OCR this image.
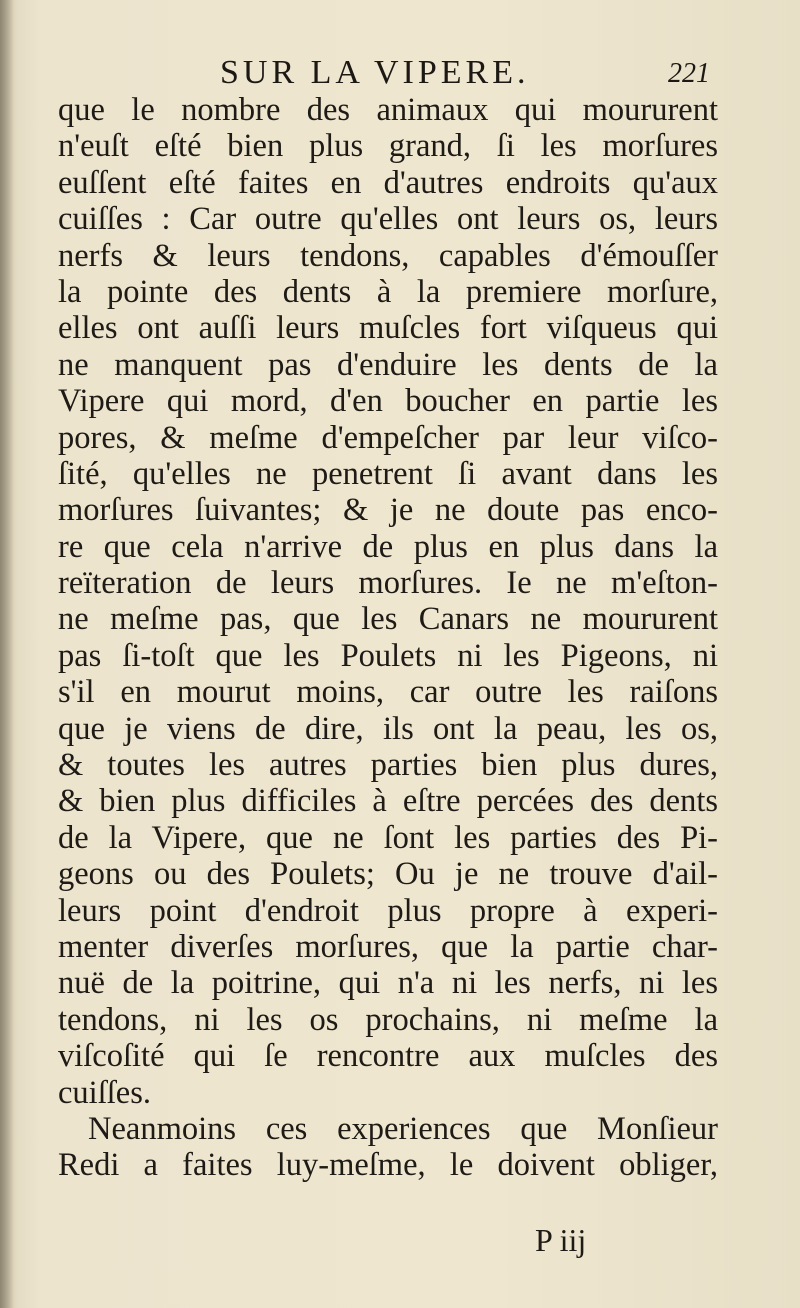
SUR LA VIPERE.	221
que le nombre des animaux qui moururent
n'euſt eſté bien plus grand, ſi les morſures
euſſent eſté faites en d'autres endroits qu'aux
cuiſſes : Car outre qu'elles ont leurs os, leurs
nerfs & leurs tendons, capables d'émouſſer
la pointe des dents à la premiere morſure,
elles ont auſſi leurs muſcles fort viſqueus qui
ne manquent pas d'enduire les dents de la
Vipere qui mord, d'en boucher en partie les
pores, & meſme d'empeſcher par leur viſco-
ſité, qu'elles ne penetrent ſi avant dans les
morſures ſuivantes; & je ne doute pas enco-
re que cela n'arrive de plus en plus dans la
reïteration de leurs morſures. Ie ne m'eſton-
ne meſme pas, que les Canars ne moururent
pas ſi-toſt que les Poulets ni les Pigeons, ni
s'il en mourut moins, car outre les raiſons
que je viens de dire, ils ont la peau, les os,
& toutes les autres parties bien plus dures,
& bien plus difficiles à eſtre percées des dents
de la Vipere, que ne ſont les parties des Pi-
geons ou des Poulets; Ou je ne trouve d'ail-
leurs point d'endroit plus propre à experi-
menter diverſes morſures, que la partie char-
nuë de la poitrine, qui n'a ni les nerfs, ni les
tendons, ni les os prochains, ni meſme la
viſcoſité qui ſe rencontre aux muſcles des
cuiſſes.
Neanmoins ces experiences que Monſieur
Redi a faites luy-meſme, le doivent obliger,
P iij
